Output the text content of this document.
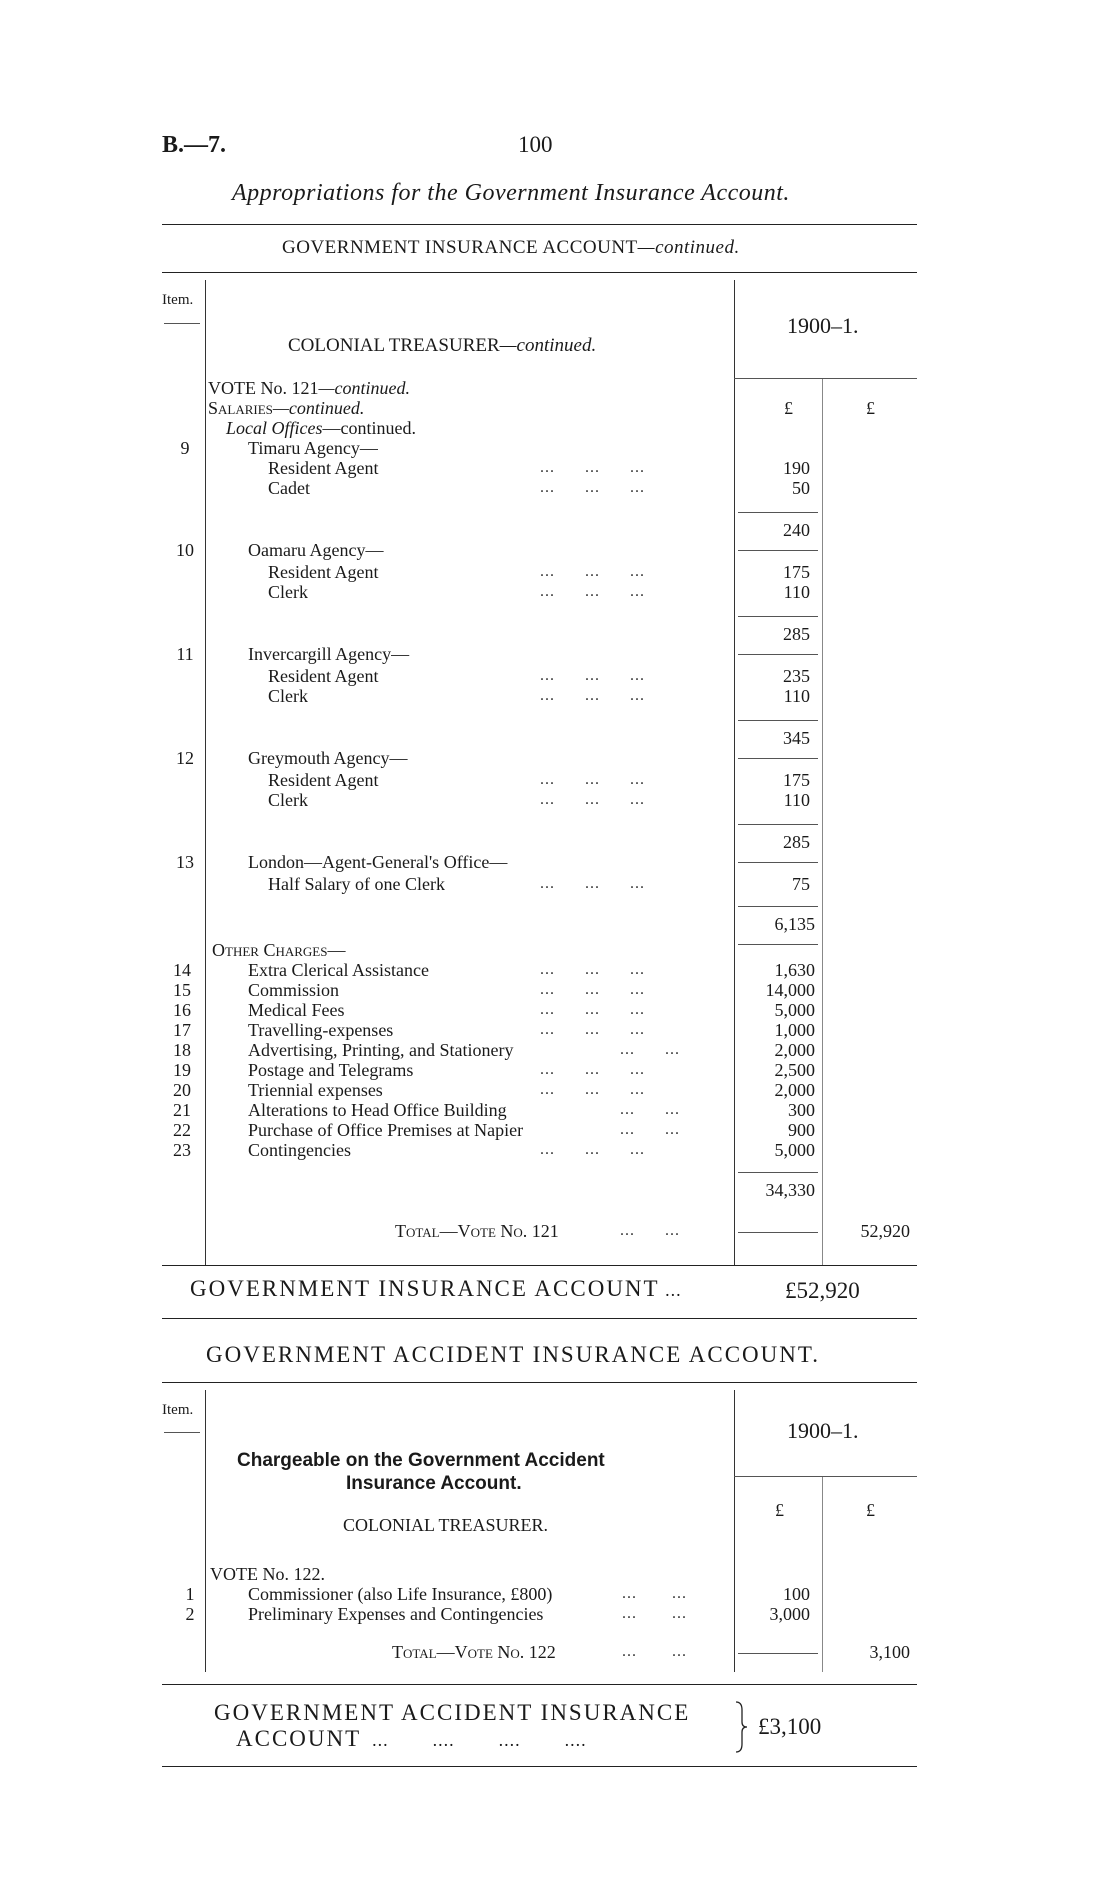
B.—7.	100
Appropriations for the Government Insurance Account.
GOVERNMENT INSURANCE ACCOUNT—continued.
Item.
1900–1.
COLONIAL TREASURER—continued.
£	£
VOTE No. 121—continued.
Salaries—continued.
Local Offices—continued.
9	Timaru Agency—
Resident Agent	...      ...      ...	190
Cadet	...      ...      ...	50
240
10	Oamaru Agency—
Resident Agent	...      ...      ...	175
Clerk	...      ...      ...	110
285
11	Invercargill Agency—
Resident Agent	...      ...      ...	235
Clerk	...      ...      ...	110
345
12	Greymouth Agency—
Resident Agent	...      ...      ...	175
Clerk	...      ...      ...	110
285
13	London—Agent-General's Office—
Half Salary of one Clerk	...      ...      ...	75
6,135
Other Charges—
14	Extra Clerical Assistance	...      ...      ...	1,630
15	Commission	...      ...      ...	14,000
16	Medical Fees	...      ...      ...	5,000
17	Travelling-expenses	...      ...      ...	1,000
18	Advertising, Printing, and Stationery	...      ...	2,000
19	Postage and Telegrams	...      ...      ...	2,500
20	Triennial expenses	...      ...      ...	2,000
21	Alterations to Head Office Building	...      ...	300
22	Purchase of Office Premises at Napier	...      ...	900
23	Contingencies	...      ...      ...	5,000
34,330
Total—Vote No. 121	...      ...	52,920
GOVERNMENT INSURANCE ACCOUNT ...	£52,920
GOVERNMENT ACCIDENT INSURANCE ACCOUNT.
Item.
1900–1.
Chargeable on the Government Accident
Insurance Account.
COLONIAL TREASURER.
£	£
VOTE No. 122.
1	Commissioner (also Life Insurance, £800)	...       ...	100
2	Preliminary Expenses and Contingencies	...       ...	3,000
Total—Vote No. 122	...       ...	3,100
GOVERNMENT ACCIDENT INSURANCE
ACCOUNT  ...        ....        ....        ....
£3,100
